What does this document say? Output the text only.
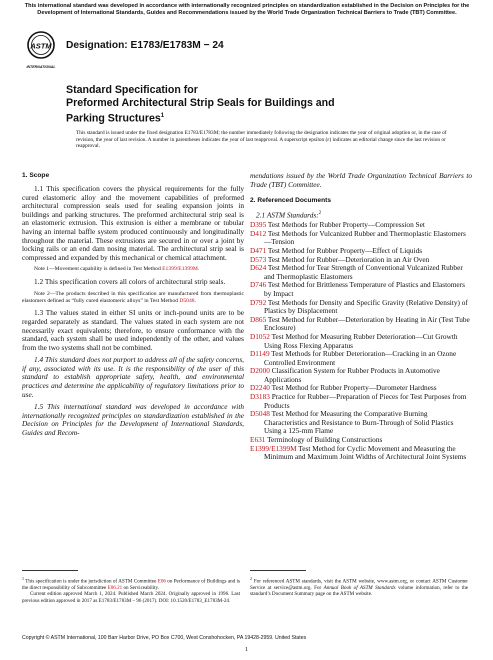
This international standard was developed in accordance with internationally recognized principles on standardization established in the Decision on Principles for the Development of International Standards, Guides and Recommendations issued by the World Trade Organization Technical Barriers to Trade (TBT) Committee.
ASTM
INTERNATIONAL
Designation: E1783/E1783M − 24
Standard Specification for
Preformed Architectural Strip Seals for Buildings and
Parking Structures$^1$
This standard is issued under the fixed designation E1783/E1783M; the number immediately following the designation indicates the year of original adoption or, in the case of revision, the year of last revision. A number in parentheses indicates the year of last reapproval. A superscript epsilon (ε) indicates an editorial change since the last revision or reapproval.
1. Scope
1.1 This specification covers the physical requirements for the fully cured elastomeric alloy and the movement capabilities of preformed architectural compression seals used for sealing expansion joints in buildings and parking structures. The preformed architectural strip seal is an elastomeric extrusion. This extrusion is either a membrane or tubular having an internal baffle system produced continuously and longitudinally throughout the material. These extrusions are secured in or over a joint by locking rails or an end dam nosing material. The architectural strip seal is compressed and expanded by this mechanical or chemical attachment.
Note 1—Movement capability is defined in Test Method E1399/E1399M.
1.2 This specification covers all colors of architectural strip seals.
Note 2—The products described in this specification are manufactured from thermoplastic elastomers defined as “fully cured elastomeric alloys” in Test Method D5048.
1.3 The values stated in either SI units or inch-pound units are to be regarded separately as standard. The values stated in each system are not necessarily exact equivalents; therefore, to ensure conformance with the standard, each system shall be used independently of the other, and values from the two systems shall not be combined.
1.4 This standard does not purport to address all of the safety concerns, if any, associated with its use. It is the responsibility of the user of this standard to establish appropriate safety, health, and environmental practices and determine the applicability of regulatory limitations prior to use.
1.5 This international standard was developed in accordance with internationally recognized principles on standardization established in the Decision on Principles for the Development of International Standards, Guides and Recom-
mendations issued by the World Trade Organization Technical Barriers to Trade (TBT) Committee.
2. Referenced Documents
2.1 ASTM Standards:$^2$
D395 Test Methods for Rubber Property—Compression Set
D412 Test Methods for Vulcanized Rubber and Thermoplastic Elastomers—Tension
D471 Test Method for Rubber Property—Effect of Liquids
D573 Test Method for Rubber—Deterioration in an Air Oven
D624 Test Method for Tear Strength of Conventional Vulcanized Rubber and Thermoplastic Elastomers
D746 Test Method for Brittleness Temperature of Plastics and Elastomers by Impact
D792 Test Methods for Density and Specific Gravity (Relative Density) of Plastics by Displacement
D865 Test Method for Rubber—Deterioration by Heating in Air (Test Tube Enclosure)
D1052 Test Method for Measuring Rubber Deterioration—Cut Growth Using Ross Flexing Apparatus
D1149 Test Methods for Rubber Deterioration—Cracking in an Ozone Controlled Environment
D2000 Classification System for Rubber Products in Automotive Applications
D2240 Test Method for Rubber Property—Durometer Hardness
D3183 Practice for Rubber—Preparation of Pieces for Test Purposes from Products
D5048 Test Method for Measuring the Comparative Burning Characteristics and Resistance to Burn-Through of Solid Plastics Using a 125-mm Flame
E631 Terminology of Building Constructions
E1399/E1399M Test Method for Cyclic Movement and Measuring the Minimum and Maximum Joint Widths of Architectural Joint Systems
$^1$ This specification is under the jurisdiction of ASTM Committee E06 on Performance of Buildings and is the direct responsibility of Subcommittee E06.21 on Serviceability.
Current edition approved March 1, 2024. Published March 2024. Originally approved in 1996. Last previous edition approved in 2017 as E1783/E1783M – 96 (2017). DOI: 10.1520/E1783_E1783M-24.
$^2$ For referenced ASTM standards, visit the ASTM website, www.astm.org, or contact ASTM Customer Service at service@astm.org. For Annual Book of ASTM Standards volume information, refer to the standard’s Document Summary page on the ASTM website.
Copyright © ASTM International, 100 Barr Harbor Drive, PO Box C700, West Conshohocken, PA 19428-2959. United States
1
